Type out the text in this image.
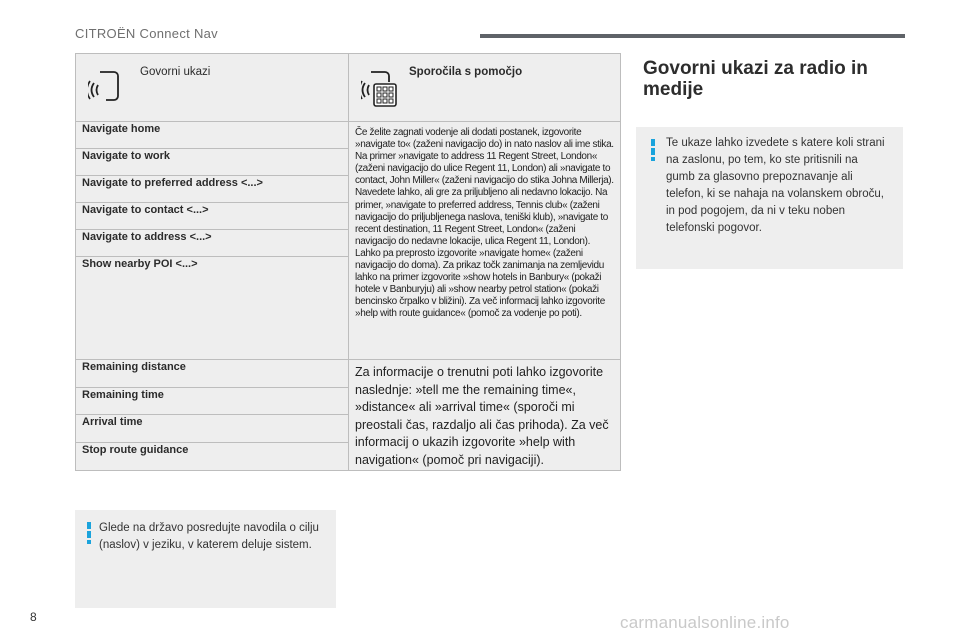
CITROËN Connect Nav
Govorni ukazi	Sporočila s pomočjo

Navigate home	Če želite zagnati vodenje ali dodati postanek, izgovorite »navigate to« (zaženi navigacijo do) in nato naslov ali ime stika. Na primer »navigate to address 11 Regent Street, London« (zaženi navigacijo do ulice Regent 11, London) ali »navigate to contact, John Miller« (zaženi navigacijo do stika Johna Millerja). Navedete lahko, ali gre za priljubljeno ali nedavno lokacijo. Na primer, »navigate to preferred address, Tennis club« (zaženi navigacijo do priljubljenega naslova, teniški klub), »navigate to recent destination, 11 Regent Street, London« (zaženi navigacijo do nedavne lokacije, ulica Regent 11, London). Lahko pa preprosto izgovorite »navigate home« (zaženi navigacijo do doma). Za prikaz točk zanimanja na zemljevidu lahko na primer izgovorite »show hotels in Banbury« (pokaži hotele v Banburyju) ali »show nearby petrol station« (pokaži bencinsko črpalko v bližini). Za več informacij lahko izgovorite »help with route guidance« (pomoč za vodenje po poti).
Navigate to work	
Navigate to preferred address <...>	
Navigate to contact <...>	
Navigate to address <...>	
Show nearby POI <...>	
Remaining distance	Za informacije o trenutni poti lahko izgovorite naslednje: »tell me the remaining time«, »distance« ali »arrival time« (sporoči mi preostali čas, razdaljo ali čas prihoda). Za več informacij o ukazih izgovorite »help with navigation« (pomoč pri navigaciji).
Remaining time	
Arrival time	
Stop route guidance	
Glede na državo posredujte navodila o cilju (naslov) v jeziku, v katerem deluje sistem.
Govorni ukazi za radio in medije
Te ukaze lahko izvedete s katere koli strani na zaslonu, po tem, ko ste pritisnili na gumb za glasovno prepoznavanje ali telefon, ki se nahaja na volanskem obroču, in pod pogojem, da ni v teku noben telefonski pogovor.
8	carmanualsonline.info
